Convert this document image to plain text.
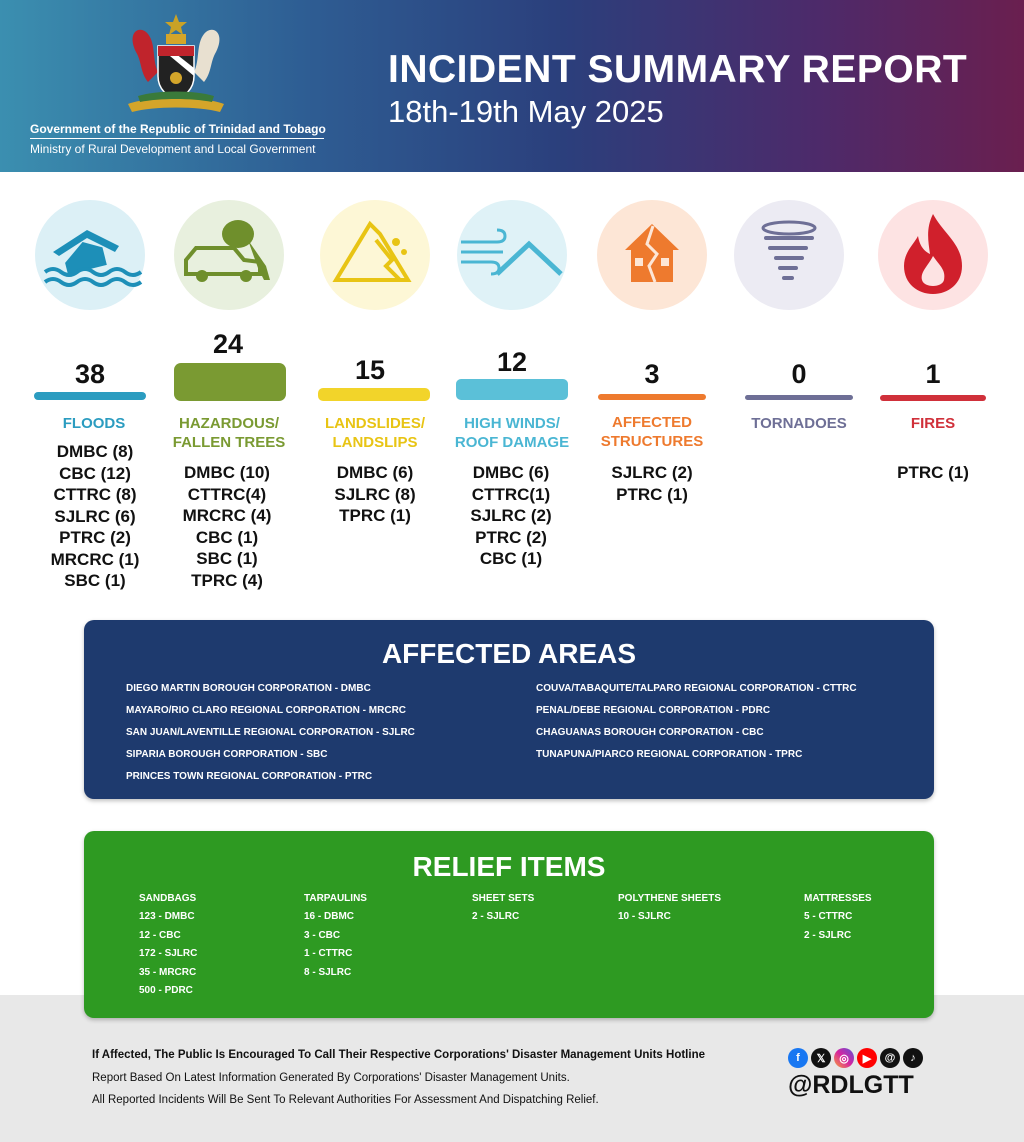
Government of the Republic of Trinidad and Tobago
Ministry of Rural Development and Local Government
INCIDENT SUMMARY REPORT
18th-19th May 2025
38
FLOODS
DMBC (8)
CBC (12)
CTTRC (8)
SJLRC (6)
PTRC (2)
MRCRC (1)
SBC (1)
24
HAZARDOUS/
FALLEN TREES
DMBC (10)
CTTRC(4)
MRCRC (4)
CBC (1)
SBC (1)
TPRC (4)
15
LANDSLIDES/
LANDSLIPS
DMBC (6)
SJLRC (8)
TPRC (1)
12
HIGH WINDS/
ROOF DAMAGE
DMBC (6)
CTTRC(1)
SJLRC (2)
PTRC (2)
CBC (1)
3
AFFECTED
STRUCTURES
SJLRC (2)
PTRC (1)
0
TORNADOES
1
FIRES
PTRC (1)
AFFECTED AREAS
DIEGO MARTIN BOROUGH CORPORATION - DMBC
MAYARO/RIO CLARO REGIONAL CORPORATION - MRCRC
SAN JUAN/LAVENTILLE REGIONAL CORPORATION - SJLRC
SIPARIA BOROUGH CORPORATION - SBC
PRINCES TOWN REGIONAL CORPORATION - PTRC
COUVA/TABAQUITE/TALPARO REGIONAL CORPORATION - CTTRC
PENAL/DEBE REGIONAL CORPORATION - PDRC
CHAGUANAS BOROUGH CORPORATION - CBC
TUNAPUNA/PIARCO REGIONAL CORPORATION - TPRC
RELIEF ITEMS
SANDBAGS
123 - DMBC
12 - CBC
172 - SJLRC
35 - MRCRC
500 - PDRC
TARPAULINS
16 - DBMC
3 - CBC
1 - CTTRC
8 - SJLRC
SHEET SETS
2 - SJLRC
POLYTHENE SHEETS
10 - SJLRC
MATTRESSES
5 - CTTRC
2 - SJLRC
If Affected, The Public Is Encouraged To Call Their Respective Corporations' Disaster Management Units Hotline
Report Based On Latest Information Generated By Corporations' Disaster Management Units.
All Reported Incidents Will Be Sent To Relevant Authorities For Assessment And Dispatching Relief.
f	𝕏	◎	▶	@	♪
@RDLGTT
